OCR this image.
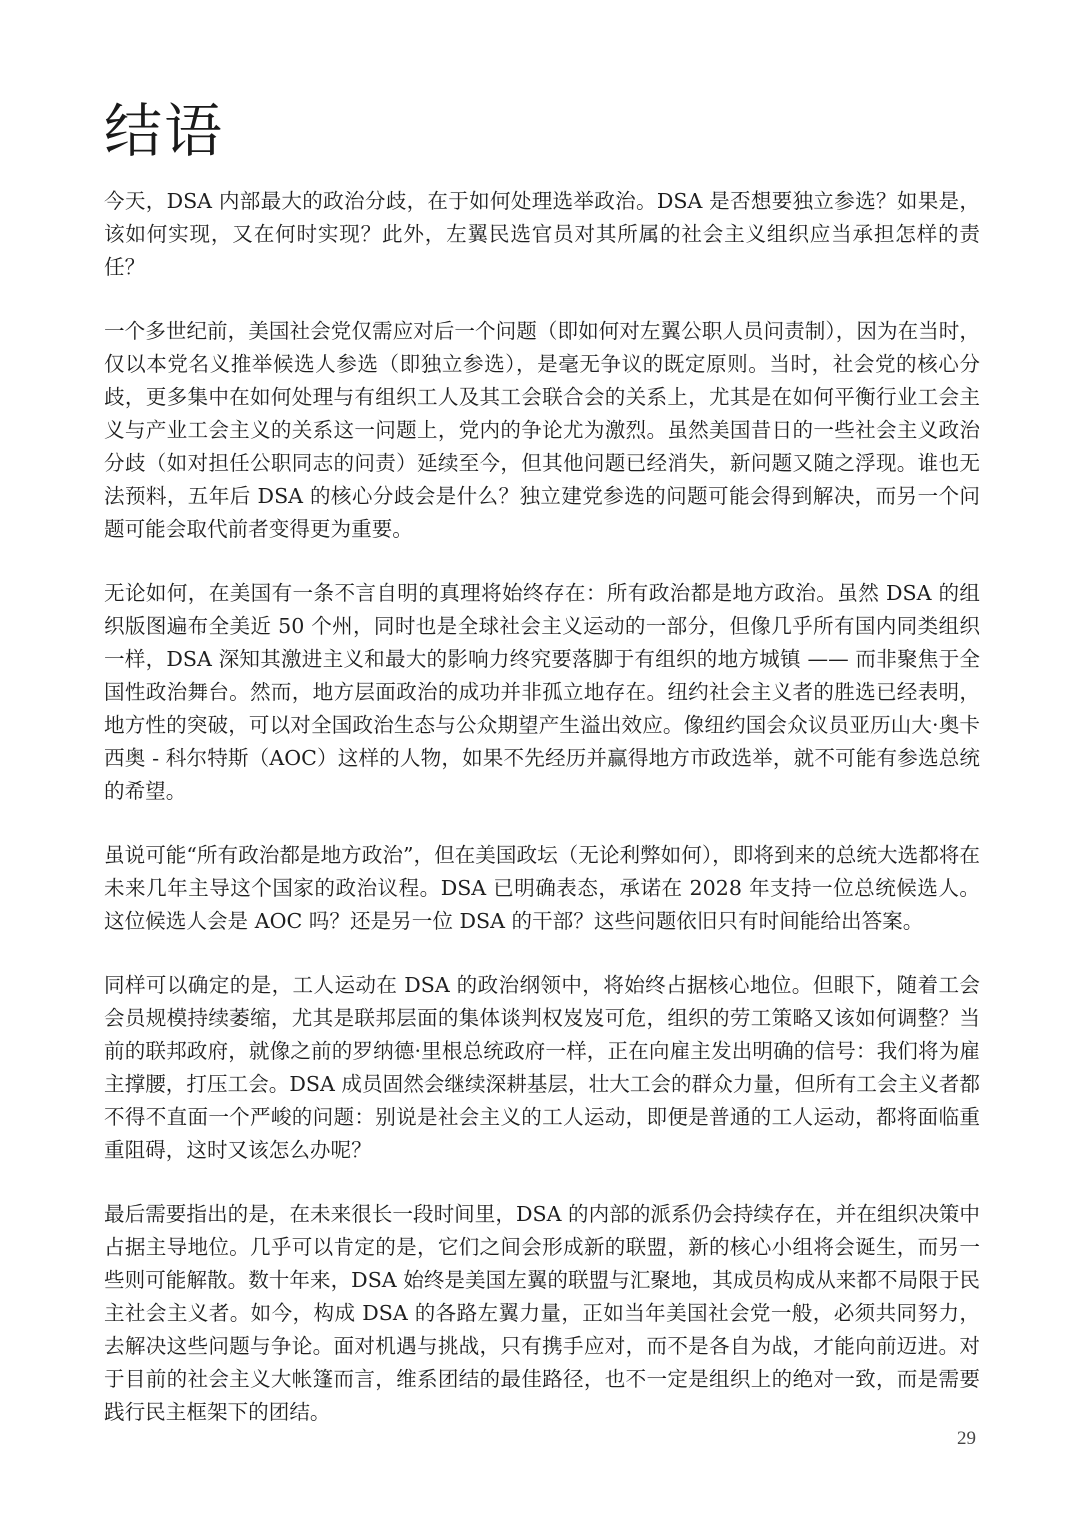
结语

今天，DSA 内部最大的政治分歧，在于如何处理选举政治。DSA 是否想要独立参选？如果是，该如何实现，又在何时实现？此外，左翼民选官员对其所属的社会主义组织应当承担怎样的责任？

一个多世纪前，美国社会党仅需应对后一个问题（即如何对左翼公职人员问责制），因为在当时，仅以本党名义推举候选人参选（即独立参选），是毫无争议的既定原则。当时，社会党的核心分歧，更多集中在如何处理与有组织工人及其工会联合会的关系上，尤其是在如何平衡行业工会主义与产业工会主义的关系这一问题上，党内的争论尤为激烈。虽然美国昔日的一些社会主义政治分歧（如对担任公职同志的问责）延续至今，但其他问题已经消失，新问题又随之浮现。谁也无法预料，五年后 DSA 的核心分歧会是什么？独立建党参选的问题可能会得到解决，而另一个问题可能会取代前者变得更为重要。

无论如何，在美国有一条不言自明的真理将始终存在：所有政治都是地方政治。虽然 DSA 的组织版图遍布全美近 50 个州，同时也是全球社会主义运动的一部分，但像几乎所有国内同类组织一样，DSA 深知其激进主义和最大的影响力终究要落脚于有组织的地方城镇 —— 而非聚焦于全国性政治舞台。然而，地方层面政治的成功并非孤立地存在。纽约社会主义者的胜选已经表明，地方性的突破，可以对全国政治生态与公众期望产生溢出效应。像纽约国会众议员亚历山大·奥卡西奥 - 科尔特斯（AOC）这样的人物，如果不先经历并赢得地方市政选举，就不可能有参选总统的希望。

虽说可能“所有政治都是地方政治”，但在美国政坛（无论利弊如何），即将到来的总统大选都将在未来几年主导这个国家的政治议程。DSA 已明确表态，承诺在 2028 年支持一位总统候选人。这位候选人会是 AOC 吗？还是另一位 DSA 的干部？这些问题依旧只有时间能给出答案。

同样可以确定的是，工人运动在 DSA 的政治纲领中，将始终占据核心地位。但眼下，随着工会会员规模持续萎缩，尤其是联邦层面的集体谈判权岌岌可危，组织的劳工策略又该如何调整？当前的联邦政府，就像之前的罗纳德·里根总统政府一样，正在向雇主发出明确的信号：我们将为雇主撑腰，打压工会。DSA 成员固然会继续深耕基层，壮大工会的群众力量，但所有工会主义者都不得不直面一个严峻的问题：别说是社会主义的工人运动，即便是普通的工人运动，都将面临重重阻碍，这时又该怎么办呢？

最后需要指出的是，在未来很长一段时间里，DSA 的内部的派系仍会持续存在，并在组织决策中占据主导地位。几乎可以肯定的是，它们之间会形成新的联盟，新的核心小组将会诞生，而另一些则可能解散。数十年来，DSA 始终是美国左翼的联盟与汇聚地，其成员构成从来都不局限于民主社会主义者。如今，构成 DSA 的各路左翼力量，正如当年美国社会党一般，必须共同努力，去解决这些问题与争论。面对机遇与挑战，只有携手应对，而不是各自为战，才能向前迈进。对于目前的社会主义大帐篷而言，维系团结的最佳路径，也不一定是组织上的绝对一致，而是需要践行民主框架下的团结。

29
